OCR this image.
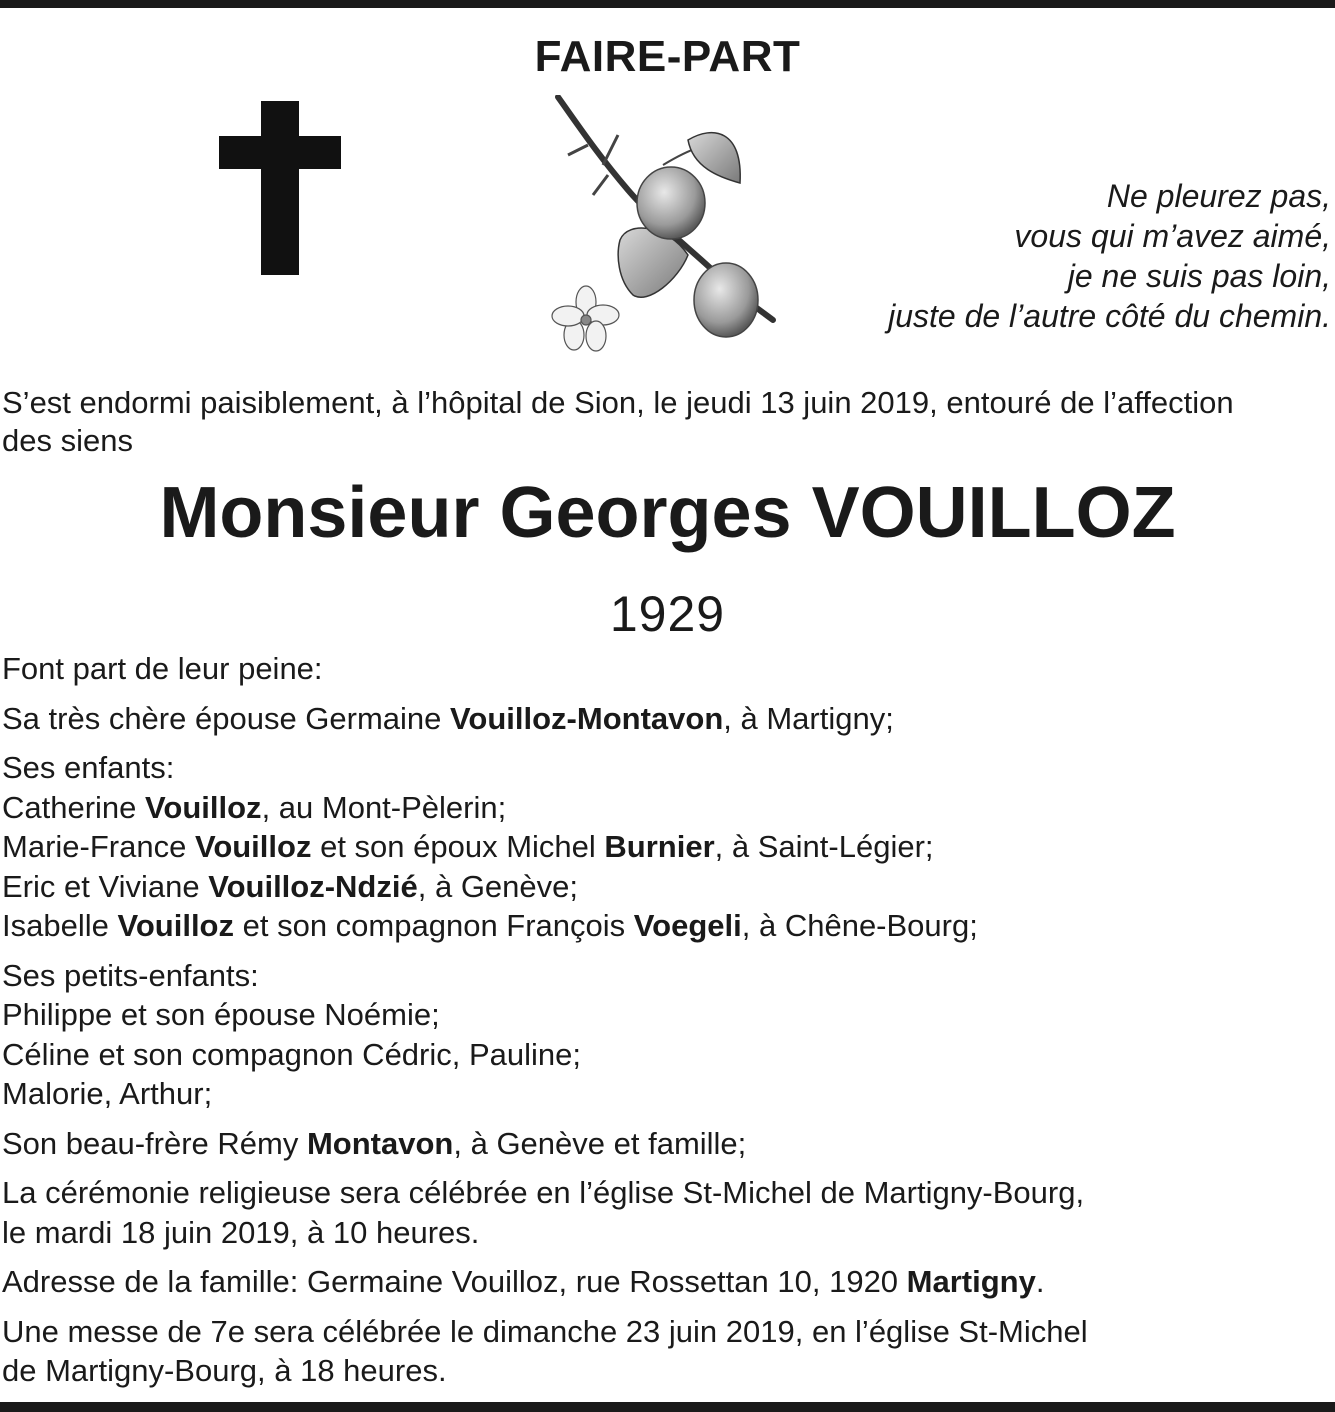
FAIRE-PART
Ne pleurez pas,
vous qui m’avez aimé,
je ne suis pas loin,
juste de l’autre côté du chemin.
S’est endormi paisiblement, à l’hôpital de Sion, le jeudi 13 juin 2019, entouré de l’affection
des siens
Monsieur Georges VOUILLOZ
1929

Font part de leur peine:

Sa très chère épouse Germaine Vouilloz-Montavon, à Martigny;

Ses enfants:
Catherine Vouilloz, au Mont-Pèlerin;
Marie-France Vouilloz et son époux Michel Burnier, à Saint-Légier;
Eric et Viviane Vouilloz-Ndzié, à Genève;
Isabelle Vouilloz et son compagnon François Voegeli, à Chêne-Bourg;

Ses petits-enfants:
Philippe et son épouse Noémie;
Céline et son compagnon Cédric, Pauline;
Malorie, Arthur;

Son beau-frère Rémy Montavon, à Genève et famille;

La cérémonie religieuse sera célébrée en l’église St-Michel de Martigny-Bourg,
le mardi 18 juin 2019, à 10 heures.

Adresse de la famille: Germaine Vouilloz, rue Rossettan 10, 1920 Martigny.

Une messe de 7e sera célébrée le dimanche 23 juin 2019, en l’église St-Michel
de Martigny-Bourg, à 18 heures.
